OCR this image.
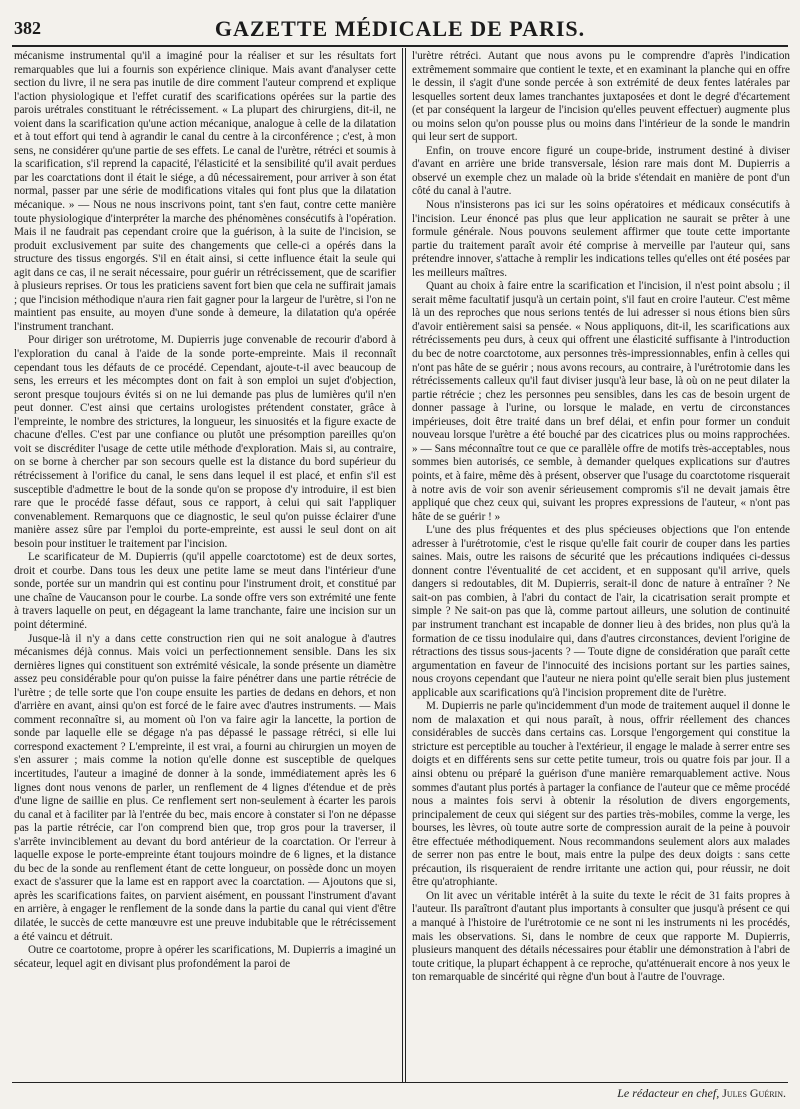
382	GAZETTE MÉDICALE DE PARIS.

mécanisme instrumental qu'il a imaginé pour la réaliser et sur les résultats fort remarquables que lui a fournis son expérience clinique. Mais avant d'analyser cette section du livre, il ne sera pas inutile de dire comment l'auteur comprend et explique l'action physiologique et l'effet curatif des scarifications opérées sur la partie des parois urétrales constituant le rétrécissement. « La plupart des chirurgiens, dit-il, ne voient dans la scarification qu'une action mécanique, analogue à celle de la dilatation et à tout effort qui tend à agrandir le canal du centre à la circonférence ; c'est, à mon sens, ne considérer qu'une partie de ses effets. Le canal de l'urètre, rétréci et soumis à la scarification, s'il reprend la capacité, l'élasticité et la sensibilité qu'il avait perdues par les coarctations dont il était le siége, a dû nécessairement, pour arriver à son état normal, passer par une série de modifications vitales qui font plus que la dilatation mécanique. » — Nous ne nous inscrivons point, tant s'en faut, contre cette manière toute physiologique d'interpréter la marche des phénomènes consécutifs à l'opération. Mais il ne faudrait pas cependant croire que la guérison, à la suite de l'incision, se produit exclusivement par suite des changements que celle-ci a opérés dans la structure des tissus engorgés. S'il en était ainsi, si cette influence était la seule qui agit dans ce cas, il ne serait nécessaire, pour guérir un rétrécissement, que de scarifier à plusieurs reprises. Or tous les praticiens savent fort bien que cela ne suffirait jamais ; que l'incision méthodique n'aura rien fait gagner pour la largeur de l'urètre, si l'on ne maintient pas ensuite, au moyen d'une sonde à demeure, la dilatation qu'a opérée l'instrument tranchant.

Pour diriger son urétrotome, M. Dupierris juge convenable de recourir d'abord à l'exploration du canal à l'aide de la sonde porte-empreinte. Mais il reconnaît cependant tous les défauts de ce procédé. Cependant, ajoute-t-il avec beaucoup de sens, les erreurs et les mécomptes dont on fait à son emploi un sujet d'objection, seront presque toujours évités si on ne lui demande pas plus de lumières qu'il n'en peut donner. C'est ainsi que certains urologistes prétendent constater, grâce à l'empreinte, le nombre des strictures, la longueur, les sinuosités et la figure exacte de chacune d'elles. C'est par une confiance ou plutôt une présomption pareilles qu'on voit se discréditer l'usage de cette utile méthode d'exploration. Mais si, au contraire, on se borne à chercher par son secours quelle est la distance du bord supérieur du rétrécissement à l'orifice du canal, le sens dans lequel il est placé, et enfin s'il est susceptible d'admettre le bout de la sonde qu'on se propose d'y introduire, il est bien rare que le procédé fasse défaut, sous ce rapport, à celui qui sait l'appliquer convenablement. Remarquons que ce diagnostic, le seul qu'on puisse éclairer d'une manière assez sûre par l'emploi du porte-empreinte, est aussi le seul dont on ait besoin pour instituer le traitement par l'incision.

Le scarificateur de M. Dupierris (qu'il appelle coarctotome) est de deux sortes, droit et courbe. Dans tous les deux une petite lame se meut dans l'intérieur d'une sonde, portée sur un mandrin qui est continu pour l'instrument droit, et constitué par une chaîne de Vaucanson pour le courbe. La sonde offre vers son extrémité une fente à travers laquelle on peut, en dégageant la lame tranchante, faire une incision sur un point déterminé.

Jusque-là il n'y a dans cette construction rien qui ne soit analogue à d'autres mécanismes déjà connus. Mais voici un perfectionnement sensible. Dans les six dernières lignes qui constituent son extrémité vésicale, la sonde présente un diamètre assez peu considérable pour qu'on puisse la faire pénétrer dans une partie rétrécie de l'urètre ; de telle sorte que l'on coupe ensuite les parties de dedans en dehors, et non d'arrière en avant, ainsi qu'on est forcé de le faire avec d'autres instruments. — Mais comment reconnaître si, au moment où l'on va faire agir la lancette, la portion de sonde par laquelle elle se dégage n'a pas dépassé le passage rétréci, si elle lui correspond exactement ? L'empreinte, il est vrai, a fourni au chirurgien un moyen de s'en assurer ; mais comme la notion qu'elle donne est susceptible de quelques incertitudes, l'auteur a imaginé de donner à la sonde, immédiatement après les 6 lignes dont nous venons de parler, un renflement de 4 lignes d'étendue et de près d'une ligne de saillie en plus. Ce renflement sert non-seulement à écarter les parois du canal et à faciliter par là l'entrée du bec, mais encore à constater si l'on ne dépasse pas la partie rétrécie, car l'on comprend bien que, trop gros pour la traverser, il s'arrête invinciblement au devant du bord antérieur de la coarctation. Or l'erreur à laquelle expose le porte-empreinte étant toujours moindre de 6 lignes, et la distance du bec de la sonde au renflement étant de cette longueur, on possède donc un moyen exact de s'assurer que la lame est en rapport avec la coarctation. — Ajoutons que si, après les scarifications faites, on parvient aisément, en poussant l'instrument d'avant en arrière, à engager le renflement de la sonde dans la partie du canal qui vient d'être dilatée, le succès de cette manœuvre est une preuve indubitable que le rétrécissement a été vaincu et détruit.

Outre ce coartotome, propre à opérer les scarifications, M. Dupierris a imaginé un sécateur, lequel agit en divisant plus profondément la paroi de

l'urètre rétréci. Autant que nous avons pu le comprendre d'après l'indication extrêmement sommaire que contient le texte, et en examinant la planche qui en offre le dessin, il s'agit d'une sonde percée à son extrémité de deux fentes latérales par lesquelles sortent deux lames tranchantes juxtaposées et dont le degré d'écartement (et par conséquent la largeur de l'incision qu'elles peuvent effectuer) augmente plus ou moins selon qu'on pousse plus ou moins dans l'intérieur de la sonde le mandrin qui leur sert de support.

Enfin, on trouve encore figuré un coupe-bride, instrument destiné à diviser d'avant en arrière une bride transversale, lésion rare mais dont M. Dupierris a observé un exemple chez un malade où la bride s'étendait en manière de pont d'un côté du canal à l'autre.

Nous n'insisterons pas ici sur les soins opératoires et médicaux consécutifs à l'incision. Leur énoncé pas plus que leur application ne saurait se prêter à une formule générale. Nous pouvons seulement affirmer que toute cette importante partie du traitement paraît avoir été comprise à merveille par l'auteur qui, sans prétendre innover, s'attache à remplir les indications telles qu'elles ont été posées par les meilleurs maîtres.

Quant au choix à faire entre la scarification et l'incision, il n'est point absolu ; il serait même facultatif jusqu'à un certain point, s'il faut en croire l'auteur. C'est même là un des reproches que nous serions tentés de lui adresser si nous étions bien sûrs d'avoir entièrement saisi sa pensée. « Nous appliquons, dit-il, les scarifications aux rétrécissements peu durs, à ceux qui offrent une élasticité suffisante à l'introduction du bec de notre coarctotome, aux personnes très-impressionnables, enfin à celles qui n'ont pas hâte de se guérir ; nous avons recours, au contraire, à l'urétrotomie dans les rétrécissements calleux qu'il faut diviser jusqu'à leur base, là où on ne peut dilater la partie rétrécie ; chez les personnes peu sensibles, dans les cas de besoin urgent de donner passage à l'urine, ou lorsque le malade, en vertu de circonstances impérieuses, doit être traité dans un bref délai, et enfin pour former un conduit nouveau lorsque l'urètre a été bouché par des cicatrices plus ou moins rapprochées. » — Sans méconnaître tout ce que ce parallèle offre de motifs très-acceptables, nous sommes bien autorisés, ce semble, à demander quelques explications sur d'autres points, et à faire, même dès à présent, observer que l'usage du coarctotome risquerait à notre avis de voir son avenir sérieusement compromis s'il ne devait jamais être appliqué que chez ceux qui, suivant les propres expressions de l'auteur, « n'ont pas hâte de se guérir ! »

L'une des plus fréquentes et des plus spécieuses objections que l'on entende adresser à l'urétrotomie, c'est le risque qu'elle fait courir de couper dans les parties saines. Mais, outre les raisons de sécurité que les précautions indiquées ci-dessus donnent contre l'éventualité de cet accident, et en supposant qu'il arrive, quels dangers si redoutables, dit M. Dupierris, serait-il donc de nature à entraîner ? Ne sait-on pas combien, à l'abri du contact de l'air, la cicatrisation serait prompte et simple ? Ne sait-on pas que là, comme partout ailleurs, une solution de continuité par instrument tranchant est incapable de donner lieu à des brides, non plus qu'à la formation de ce tissu inodulaire qui, dans d'autres circonstances, devient l'origine de rétractions des tissus sous-jacents ? — Toute digne de considération que paraît cette argumentation en faveur de l'innocuité des incisions portant sur les parties saines, nous croyons cependant que l'auteur ne niera point qu'elle serait bien plus justement applicable aux scarifications qu'à l'incision proprement dite de l'urètre.

M. Dupierris ne parle qu'incidemment d'un mode de traitement auquel il donne le nom de malaxation et qui nous paraît, à nous, offrir réellement des chances considérables de succès dans certains cas. Lorsque l'engorgement qui constitue la stricture est perceptible au toucher à l'extérieur, il engage le malade à serrer entre ses doigts et en différents sens sur cette petite tumeur, trois ou quatre fois par jour. Il a ainsi obtenu ou préparé la guérison d'une manière remarquablement active. Nous sommes d'autant plus portés à partager la confiance de l'auteur que ce même procédé nous a maintes fois servi à obtenir la résolution de divers engorgements, principalement de ceux qui siégent sur des parties très-mobiles, comme la verge, les bourses, les lèvres, où toute autre sorte de compression aurait de la peine à pouvoir être effectuée méthodiquement. Nous recommandons seulement alors aux malades de serrer non pas entre le bout, mais entre la pulpe des deux doigts : sans cette précaution, ils risqueraient de rendre irritante une action qui, pour réussir, ne doit être qu'atrophiante.

On lit avec un véritable intérêt à la suite du texte le récit de 31 faits propres à l'auteur. Ils paraîtront d'autant plus importants à consulter que jusqu'à présent ce qui a manqué à l'histoire de l'urétrotomie ce ne sont ni les instruments ni les procédés, mais les observations. Si, dans le nombre de ceux que rapporte M. Dupierris, plusieurs manquent des détails nécessaires pour établir une démonstration à l'abri de toute critique, la plupart échappent à ce reproche, qu'atténuerait encore à nos yeux le ton remarquable de sincérité qui règne d'un bout à l'autre de l'ouvrage.

Le rédacteur en chef, Jules Guérin.
